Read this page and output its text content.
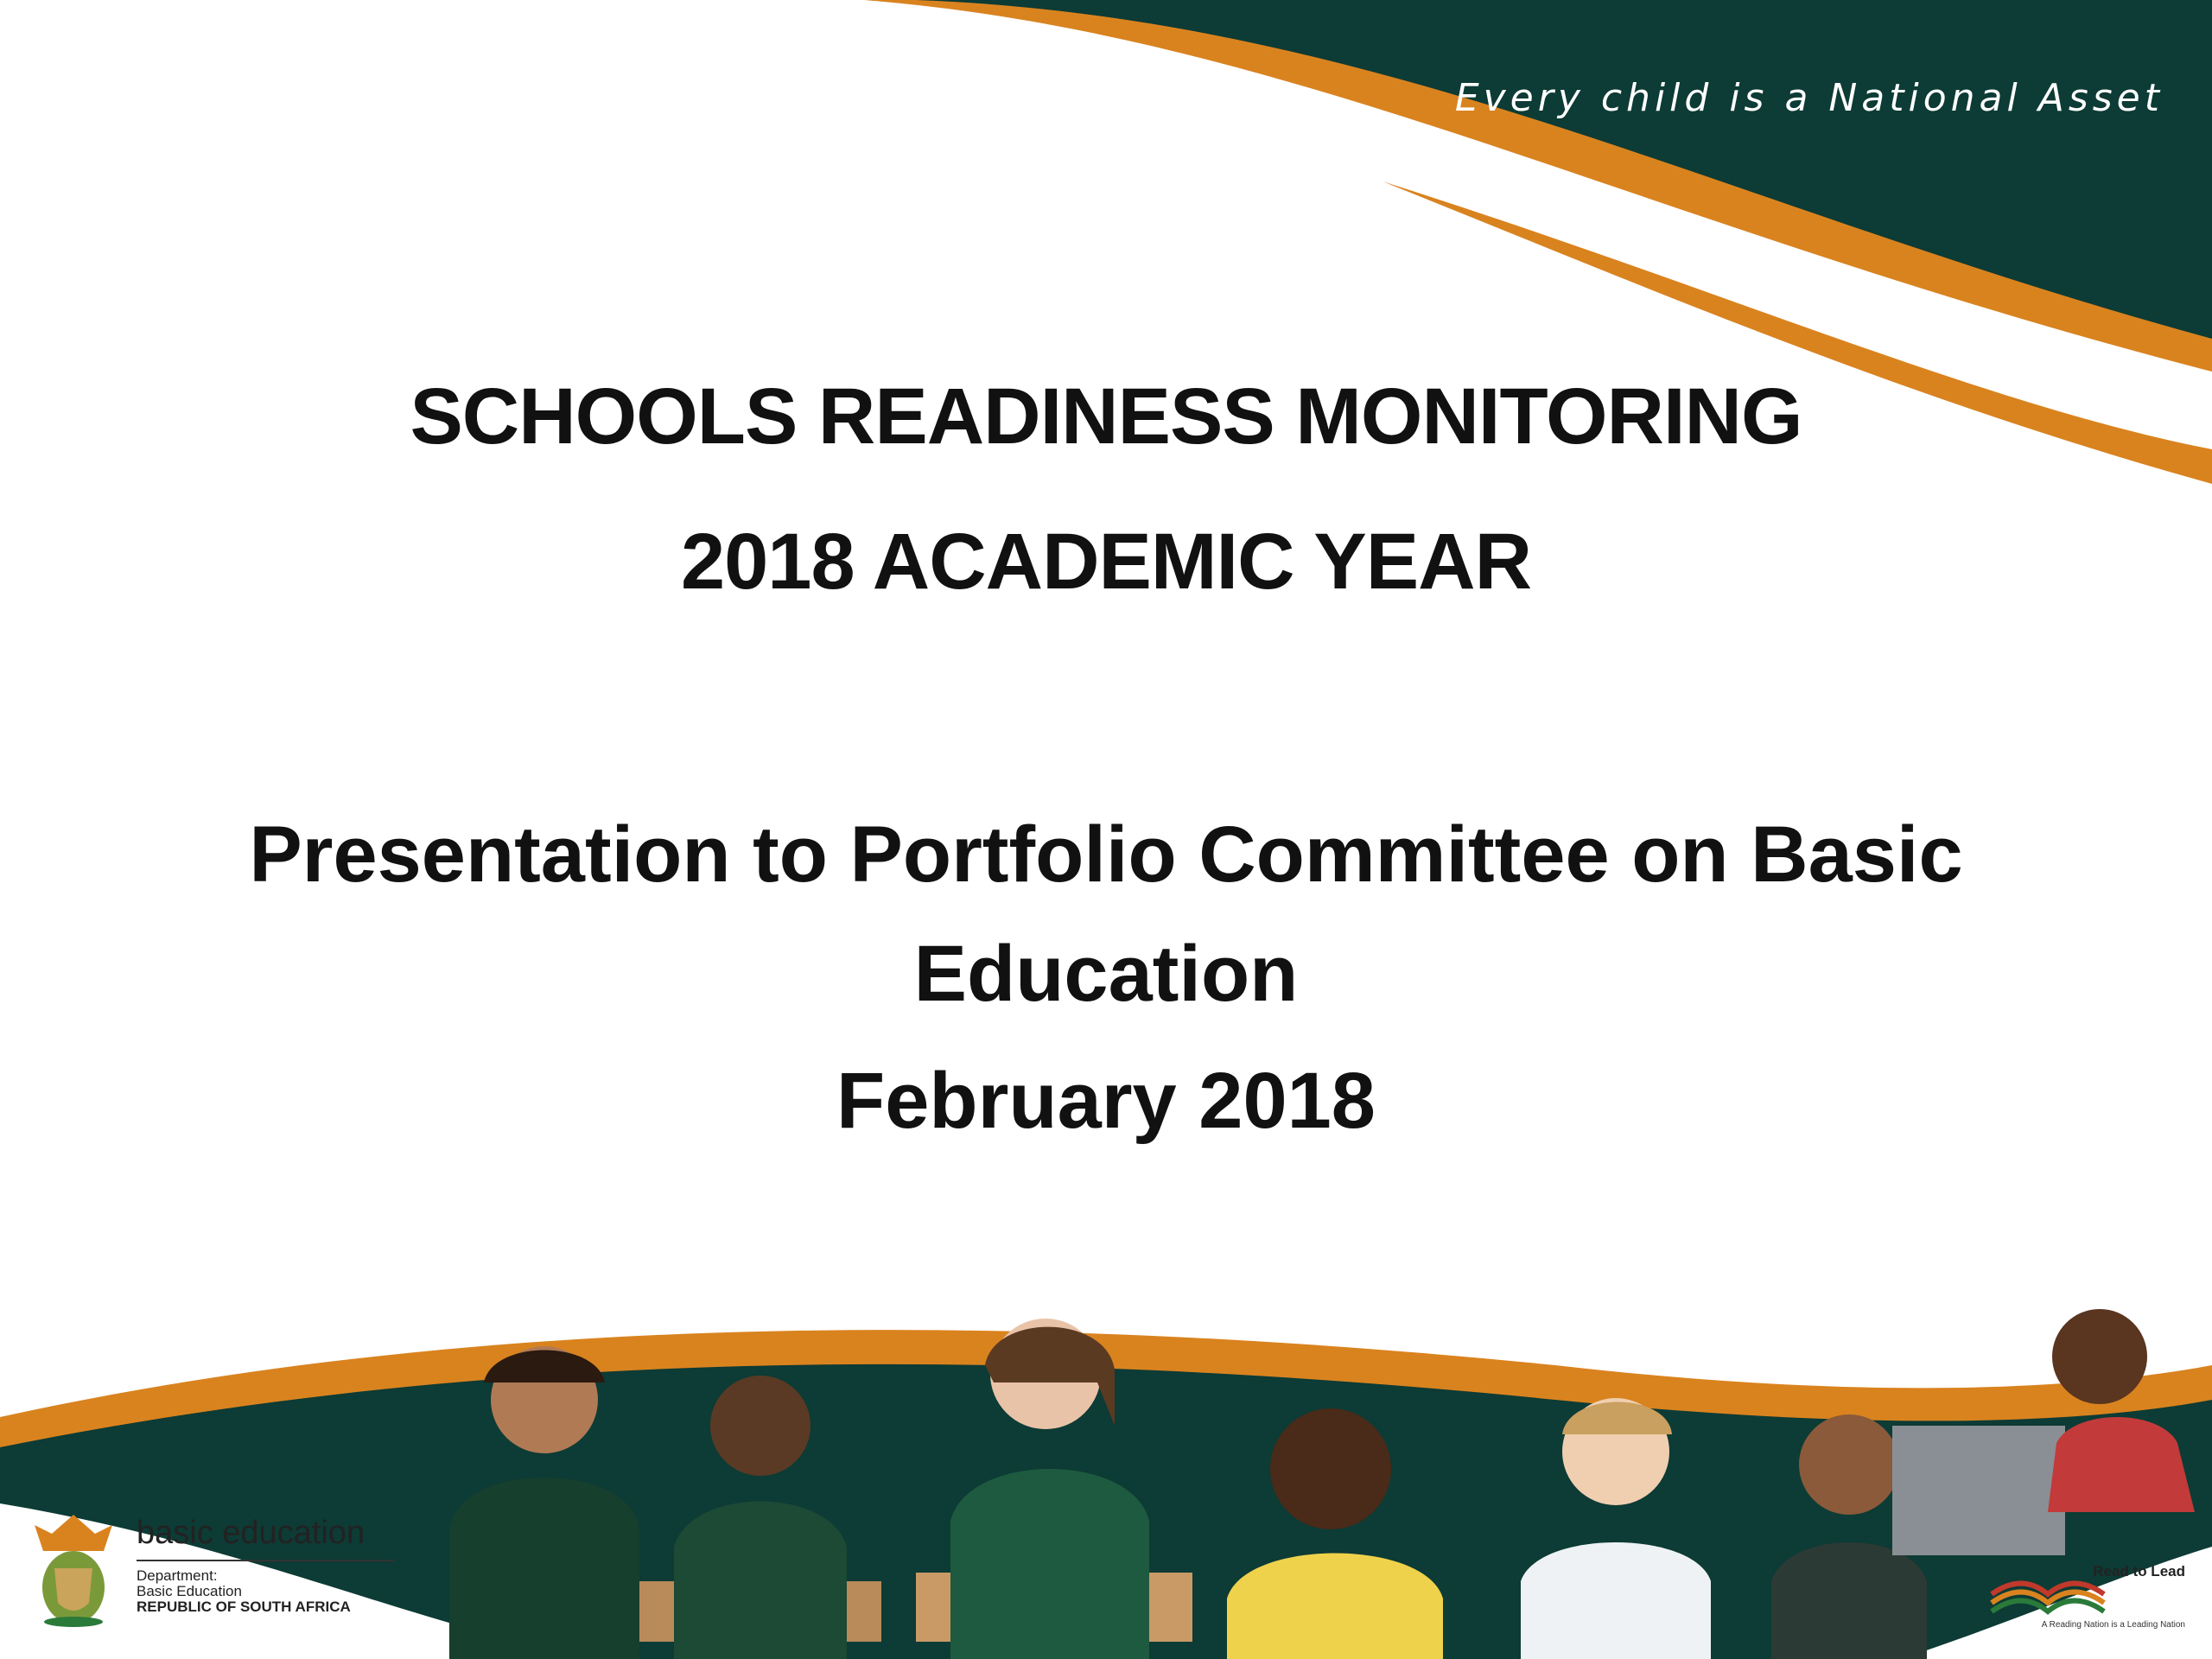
Every child is a National Asset
SCHOOLS READINESS MONITORING
2018 ACADEMIC YEAR
Presentation to Portfolio Committee on Basic Education
February 2018
basic education
Department:
Basic Education
REPUBLIC OF SOUTH AFRICA
Read to Lead
A Reading Nation is a Leading Nation
